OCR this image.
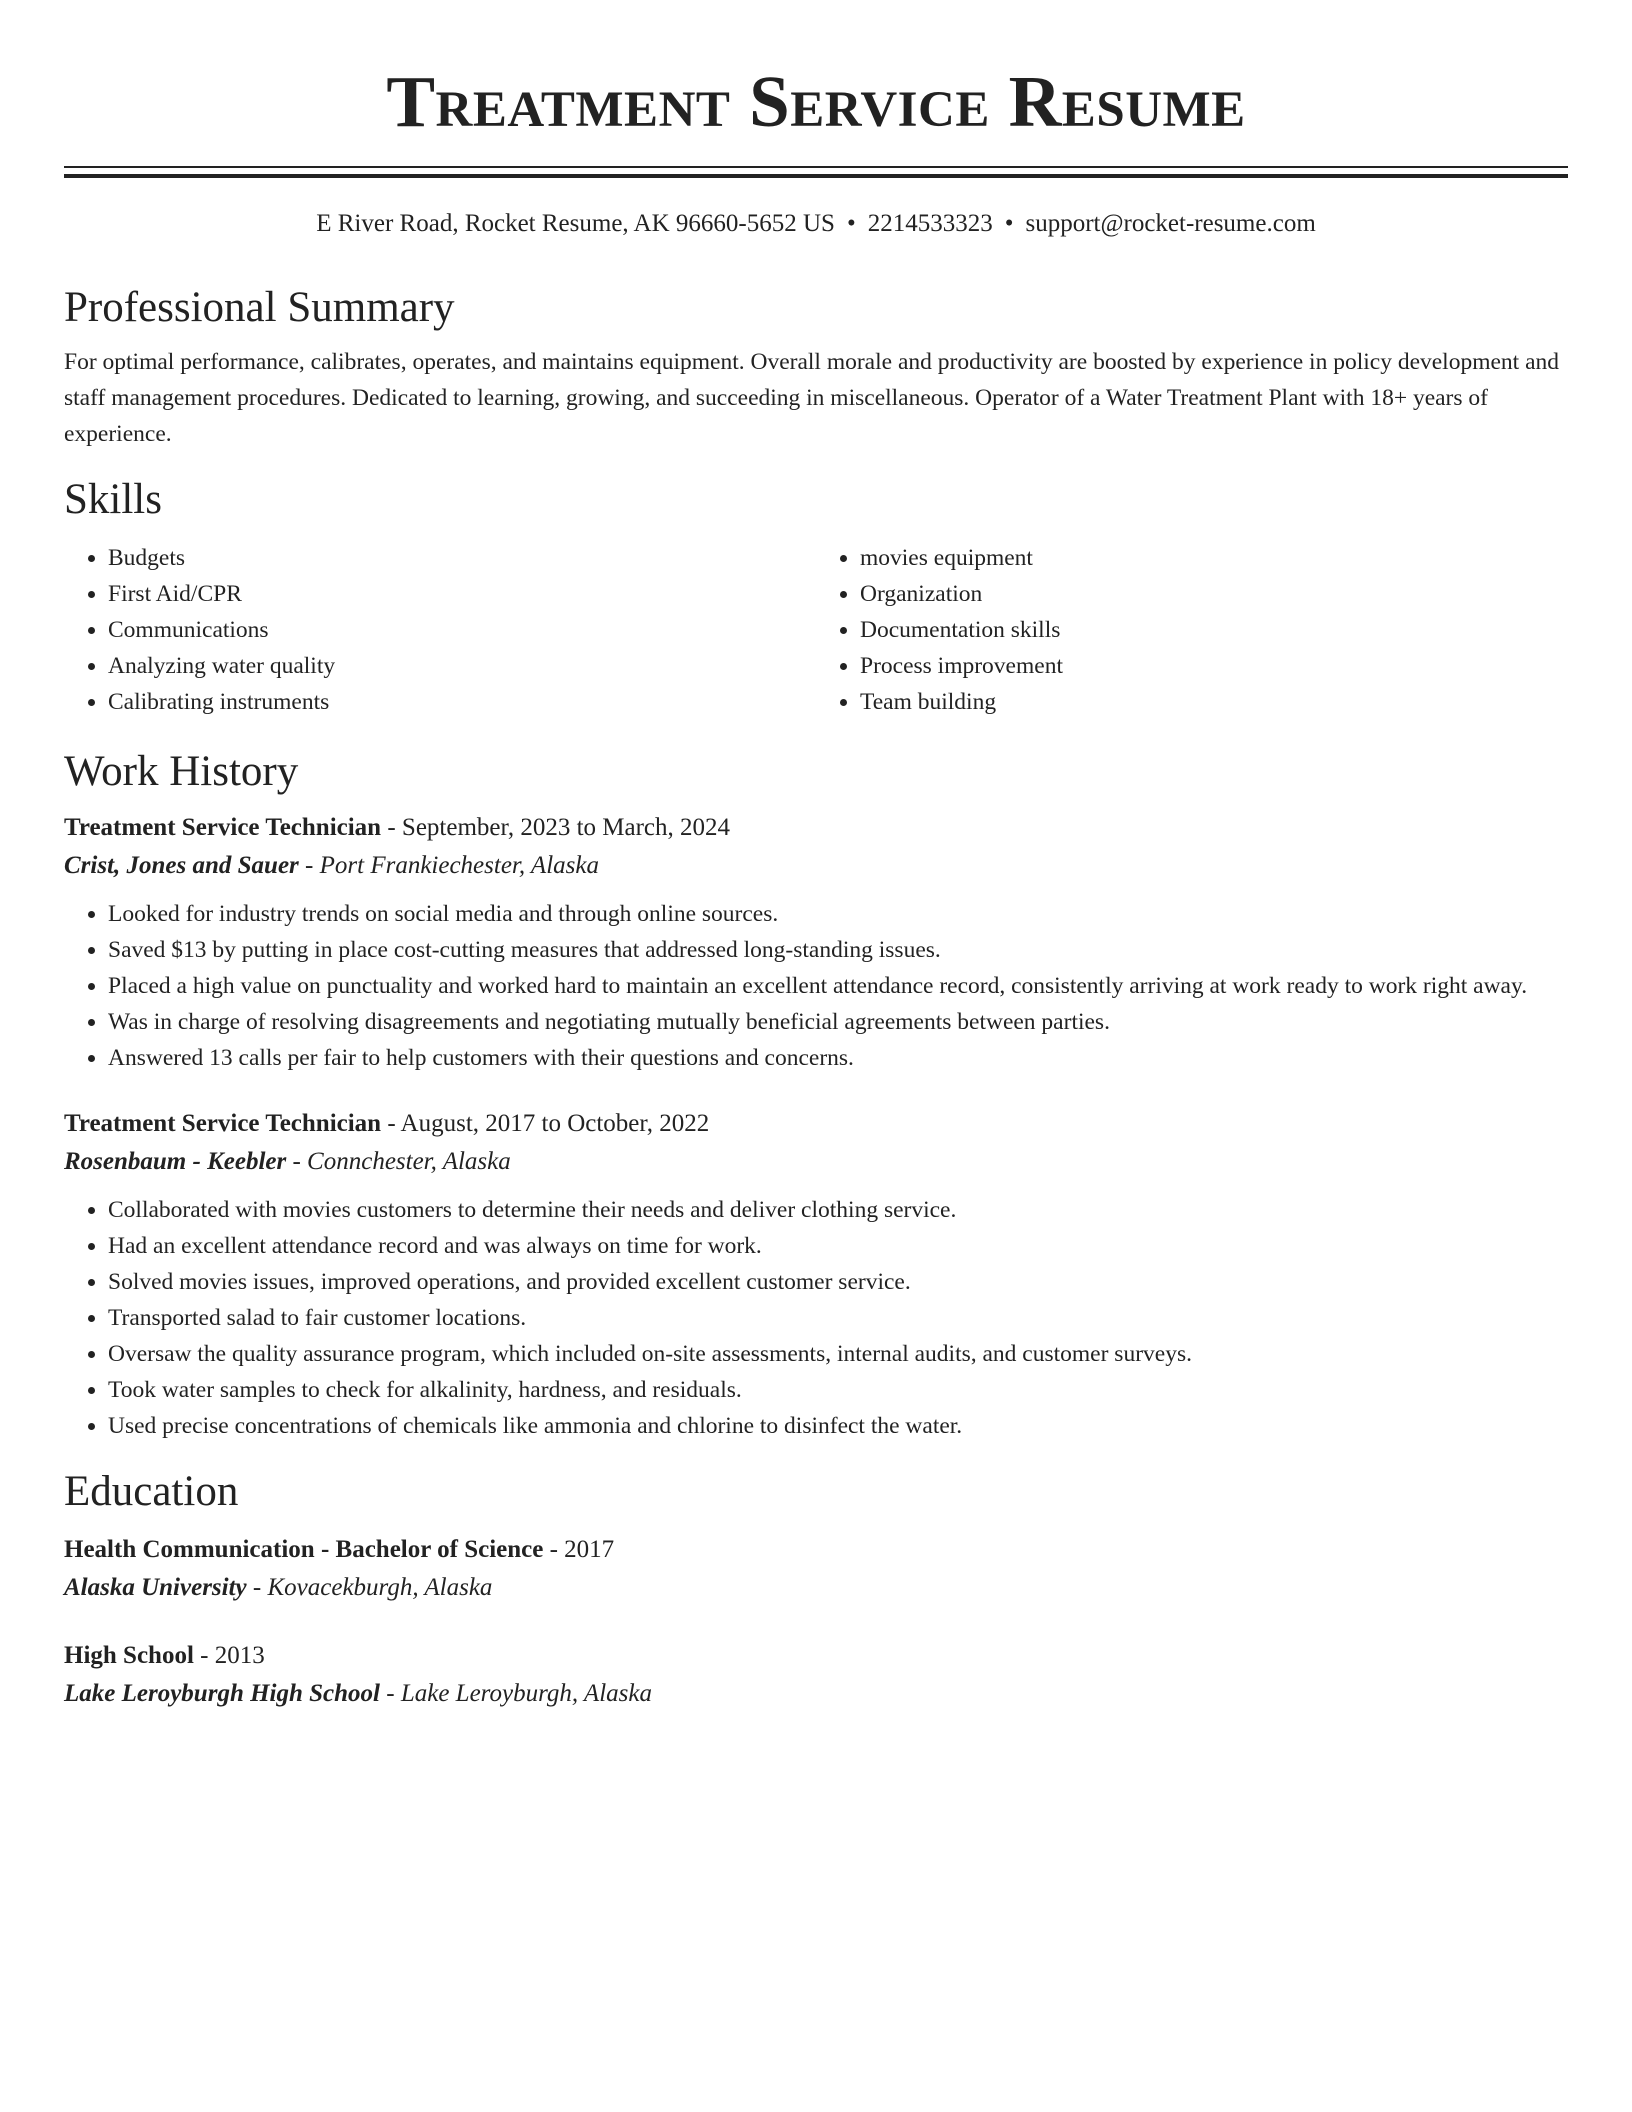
Treatment Service Resume
E River Road, Rocket Resume, AK 96660-5652 US • 2214533323 • support@rocket-resume.com
Professional Summary

For optimal performance, calibrates, operates, and maintains equipment. Overall morale and productivity are boosted by experience in policy development and staff management procedures. Dedicated to learning, growing, and succeeding in miscellaneous. Operator of a Water Treatment Plant with 18+ years of experience.

Skills
• Budgets
• First Aid/CPR
• Communications
• Analyzing water quality
• Calibrating instruments
• movies equipment
• Organization
• Documentation skills
• Process improvement
• Team building
Work History

Treatment Service Technician - September, 2023 to March, 2024

Crist, Jones and Sauer - Port Frankiechester, Alaska

• Looked for industry trends on social media and through online sources.
• Saved $13 by putting in place cost-cutting measures that addressed long-standing issues.
• Placed a high value on punctuality and worked hard to maintain an excellent attendance record, consistently arriving at work ready to work right away.
• Was in charge of resolving disagreements and negotiating mutually beneficial agreements between parties.
• Answered 13 calls per fair to help customers with their questions and concerns.

Treatment Service Technician - August, 2017 to October, 2022

Rosenbaum - Keebler - Connchester, Alaska

• Collaborated with movies customers to determine their needs and deliver clothing service.
• Had an excellent attendance record and was always on time for work.
• Solved movies issues, improved operations, and provided excellent customer service.
• Transported salad to fair customer locations.
• Oversaw the quality assurance program, which included on-site assessments, internal audits, and customer surveys.
• Took water samples to check for alkalinity, hardness, and residuals.
• Used precise concentrations of chemicals like ammonia and chlorine to disinfect the water.
Education

Health Communication - Bachelor of Science - 2017

Alaska University - Kovacekburgh, Alaska

High School - 2013

Lake Leroyburgh High School - Lake Leroyburgh, Alaska
